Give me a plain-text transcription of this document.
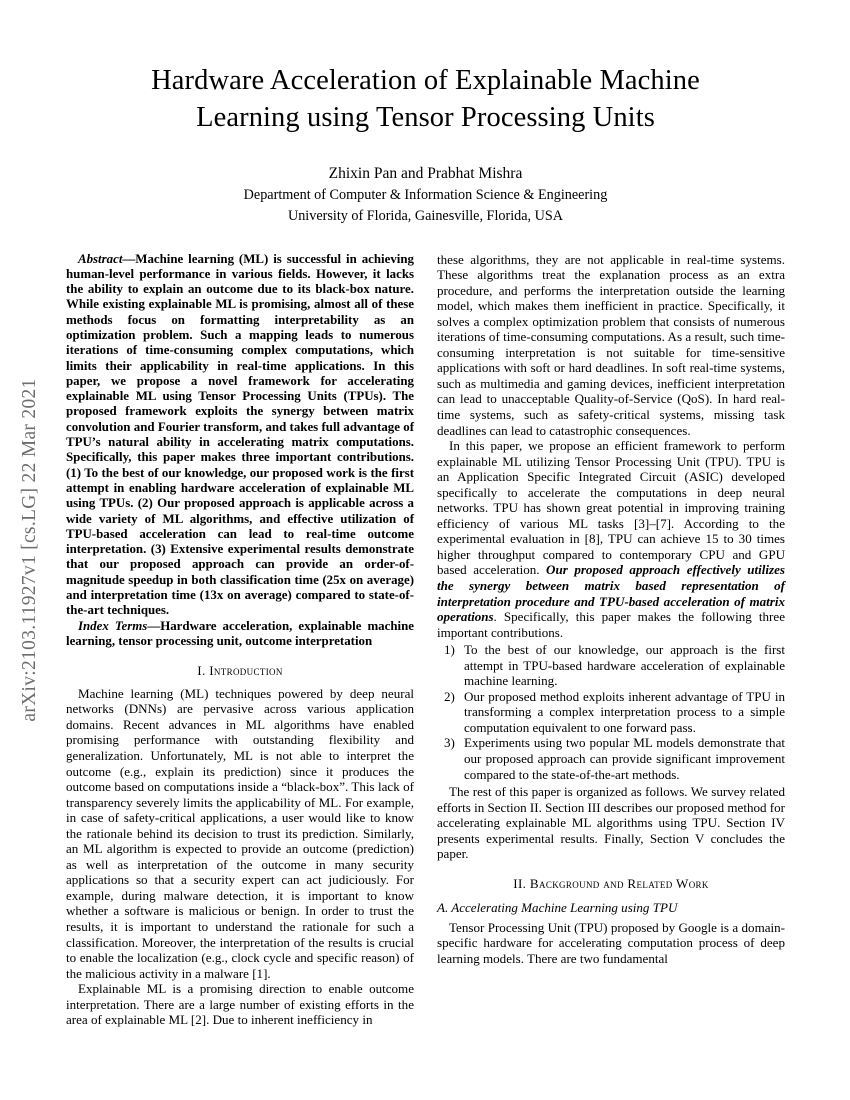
arXiv:2103.11927v1 [cs.LG] 22 Mar 2021
Hardware Acceleration of Explainable Machine
Learning using Tensor Processing Units
Zhixin Pan and Prabhat Mishra
Department of Computer & Information Science & Engineering
University of Florida, Gainesville, Florida, USA

Abstract—Machine learning (ML) is successful in achieving human-level performance in various fields. However, it lacks the ability to explain an outcome due to its black-box nature. While existing explainable ML is promising, almost all of these methods focus on formatting interpretability as an optimization problem. Such a mapping leads to numerous iterations of time-consuming complex computations, which limits their applicability in real-time applications. In this paper, we propose a novel framework for accelerating explainable ML using Tensor Processing Units (TPUs). The proposed framework exploits the synergy between matrix convolution and Fourier transform, and takes full advantage of TPU’s natural ability in accelerating matrix computations. Specifically, this paper makes three important contributions. (1) To the best of our knowledge, our proposed work is the first attempt in enabling hardware acceleration of explainable ML using TPUs. (2) Our proposed approach is applicable across a wide variety of ML algorithms, and effective utilization of TPU-based acceleration can lead to real-time outcome interpretation. (3) Extensive experimental results demonstrate that our proposed approach can provide an order-of-magnitude speedup in both classification time (25x on average) and interpretation time (13x on average) compared to state-of-the-art techniques.

Index Terms—Hardware acceleration, explainable machine learning, tensor processing unit, outcome interpretation

I. Introduction

Machine learning (ML) techniques powered by deep neural networks (DNNs) are pervasive across various application domains. Recent advances in ML algorithms have enabled promising performance with outstanding flexibility and generalization. Unfortunately, ML is not able to interpret the outcome (e.g., explain its prediction) since it produces the outcome based on computations inside a “black-box”. This lack of transparency severely limits the applicability of ML. For example, in case of safety-critical applications, a user would like to know the rationale behind its decision to trust its prediction. Similarly, an ML algorithm is expected to provide an outcome (prediction) as well as interpretation of the outcome in many security applications so that a security expert can act judiciously. For example, during malware detection, it is important to know whether a software is malicious or benign. In order to trust the results, it is important to understand the rationale for such a classification. Moreover, the interpretation of the results is crucial to enable the localization (e.g., clock cycle and specific reason) of the malicious activity in a malware [1].

Explainable ML is a promising direction to enable outcome interpretation. There are a large number of existing efforts in the area of explainable ML [2]. Due to inherent inefficiency in

these algorithms, they are not applicable in real-time systems. These algorithms treat the explanation process as an extra procedure, and performs the interpretation outside the learning model, which makes them inefficient in practice. Specifically, it solves a complex optimization problem that consists of numerous iterations of time-consuming computations. As a result, such time-consuming interpretation is not suitable for time-sensitive applications with soft or hard deadlines. In soft real-time systems, such as multimedia and gaming devices, inefficient interpretation can lead to unacceptable Quality-of-Service (QoS). In hard real-time systems, such as safety-critical systems, missing task deadlines can lead to catastrophic consequences.

In this paper, we propose an efficient framework to perform explainable ML utilizing Tensor Processing Unit (TPU). TPU is an Application Specific Integrated Circuit (ASIC) developed specifically to accelerate the computations in deep neural networks. TPU has shown great potential in improving training efficiency of various ML tasks [3]–[7]. According to the experimental evaluation in [8], TPU can achieve 15 to 30 times higher throughput compared to contemporary CPU and GPU based acceleration. Our proposed approach effectively utilizes the synergy between matrix based representation of interpretation procedure and TPU-based acceleration of matrix operations. Specifically, this paper makes the following three important contributions.

To the best of our knowledge, our approach is the first attempt in TPU-based hardware acceleration of explainable machine learning.
Our proposed method exploits inherent advantage of TPU in transforming a complex interpretation process to a simple computation equivalent to one forward pass.
Experiments using two popular ML models demonstrate that our proposed approach can provide significant improvement compared to the state-of-the-art methods.

The rest of this paper is organized as follows. We survey related efforts in Section II. Section III describes our proposed method for accelerating explainable ML algorithms using TPU. Section IV presents experimental results. Finally, Section V concludes the paper.

II. Background and Related Work
A. Accelerating Machine Learning using TPU

Tensor Processing Unit (TPU) proposed by Google is a domain-specific hardware for accelerating computation process of deep learning models. There are two fundamental
